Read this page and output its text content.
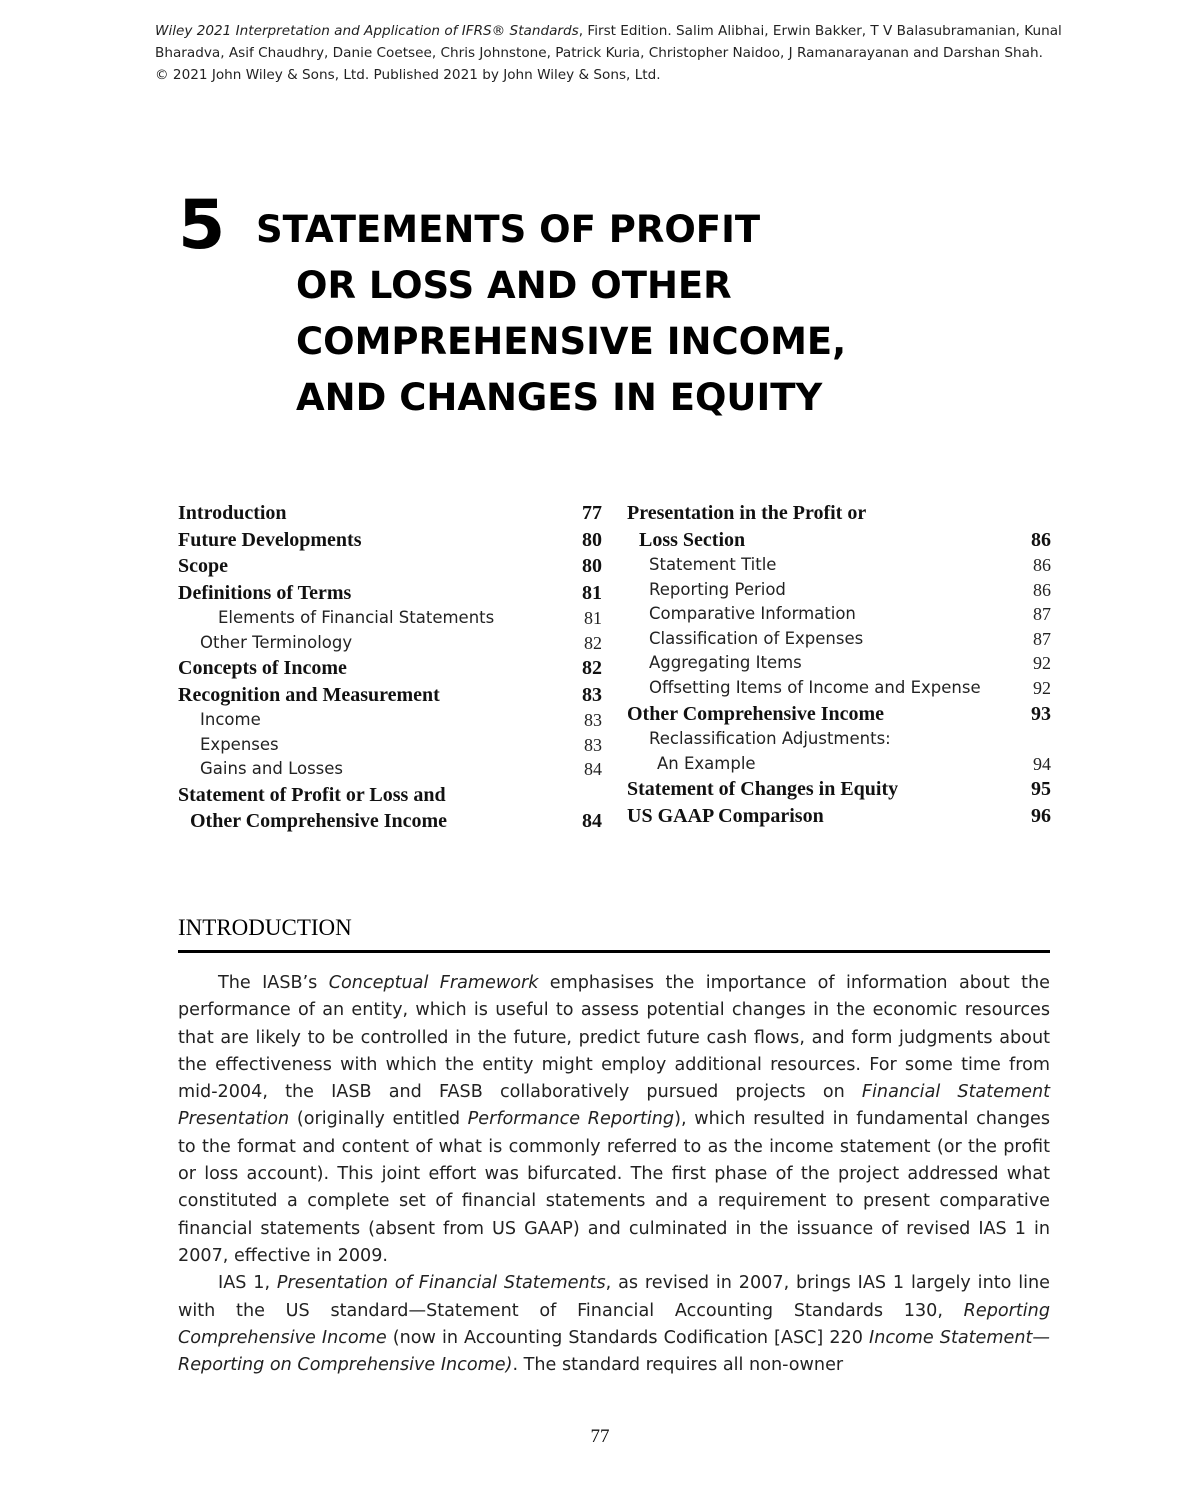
Wiley 2021 Interpretation and Application of IFRS® Standards, First Edition. Salim Alibhai, Erwin Bakker, T V Balasubramanian, Kunal
Bharadva, Asif Chaudhry, Danie Coetsee, Chris Johnstone, Patrick Kuria, Christopher Naidoo, J Ramanarayanan and Darshan Shah.
© 2021 John Wiley & Sons, Ltd. Published 2021 by John Wiley & Sons, Ltd.
5 STATEMENTS OF PROFIT
OR LOSS AND OTHER
COMPREHENSIVE INCOME,
AND CHANGES IN EQUITY
Introduction	77
Future Developments	80
Scope	80
Definitions of Terms	81
Elements of Financial Statements	81
Other Terminology	82
Concepts of Income	82
Recognition and Measurement	83
Income	83
Expenses	83
Gains and Losses	84
Statement of Profit or Loss and
Other Comprehensive Income	84
Presentation in the Profit or
Loss Section	86
Statement Title	86
Reporting Period	86
Comparative Information	87
Classification of Expenses	87
Aggregating Items	92
Offsetting Items of Income and Expense	92
Other Comprehensive Income	93
Reclassification Adjustments:
An Example	94
Statement of Changes in Equity	95
US GAAP Comparison	96
INTRODUCTION

The IASB’s Conceptual Framework emphasises the importance of information about the performance of an entity, which is useful to assess potential changes in the economic resources that are likely to be controlled in the future, predict future cash flows, and form judgments about the effectiveness with which the entity might employ additional resources. For some time from mid-2004, the IASB and FASB collaboratively pursued projects on Financial Statement Presentation (originally entitled Performance Reporting), which resulted in fundamental changes to the format and content of what is commonly referred to as the income statement (or the profit or loss account). This joint effort was bifurcated. The first phase of the project addressed what constituted a complete set of financial statements and a requirement to present comparative financial statements (absent from US GAAP) and culminated in the issuance of revised IAS 1 in 2007, effective in 2009.

IAS 1, Presentation of Financial Statements, as revised in 2007, brings IAS 1 largely into line with the US standard—Statement of Financial Accounting Standards 130, Reporting Comprehensive Income (now in Accounting Standards Codification [ASC] 220 Income Statement—Reporting on Comprehensive Income). The standard requires all non-owner

77
